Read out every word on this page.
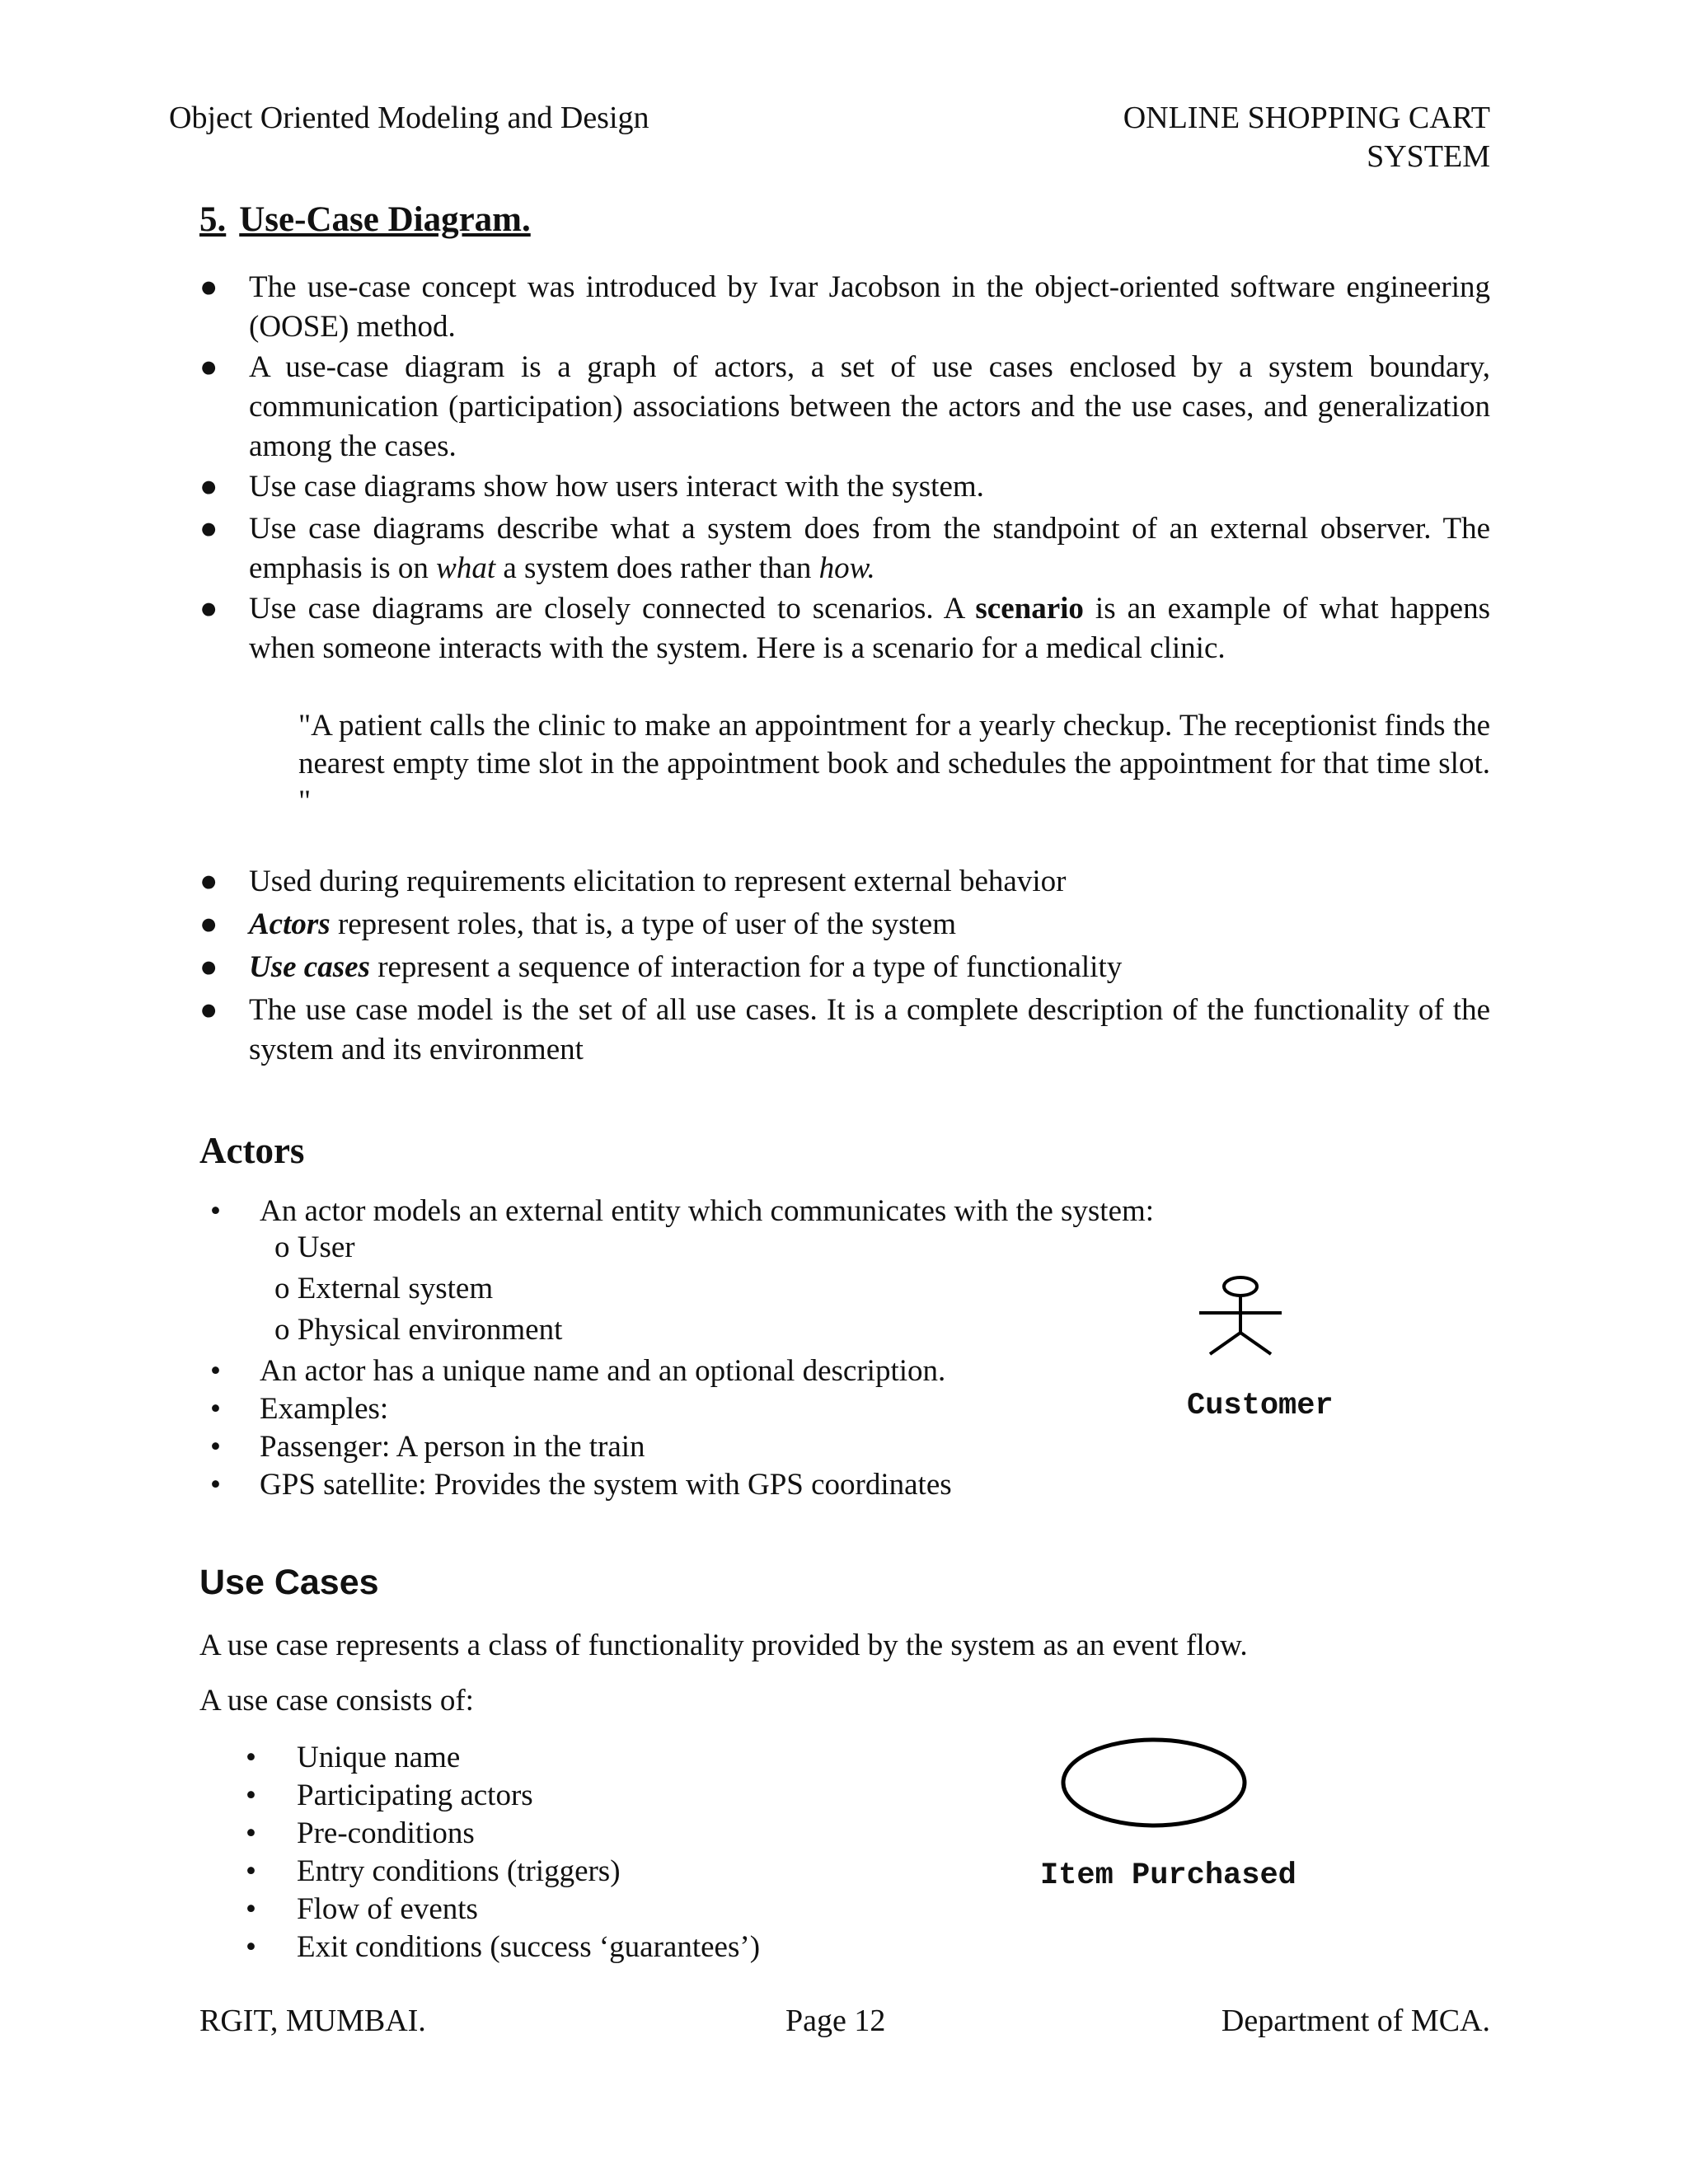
Object Oriented Modeling and Design	ONLINE SHOPPING CART
SYSTEM
5. Use-Case Diagram.
●	The use-case concept was introduced by Ivar Jacobson in the object-oriented software engineering (OOSE) method.
●	A use-case diagram is a graph of actors, a set of use cases enclosed by a system boundary, communication (participation) associations between the actors and the use cases, and generalization among the cases.
●	Use case diagrams show how users interact with the system.
●	Use case diagrams describe what a system does from the standpoint of an external observer. The emphasis is on what a system does rather than how.
●	Use case diagrams are closely connected to scenarios. A scenario is an example of what happens when someone interacts with the system. Here is a scenario for a medical clinic.
"A patient calls the clinic to make an appointment for a yearly checkup. The receptionist finds the nearest empty time slot in the appointment book and schedules the appointment for that time slot. "
●	Used during requirements elicitation to represent external behavior
●	Actors represent roles, that is, a type of user of the system
●	Use cases represent a sequence of interaction for a type of functionality
●	The use case model is the set of all use cases. It is a complete description of the functionality of the system and its environment
Actors
• An actor models an external entity which communicates with the system:
o User
o External system
o Physical environment
• An actor has a unique name and an optional description.
• Examples:
• Passenger: A person in the train
• GPS satellite: Provides the system with GPS coordinates
Customer
Use Cases
A use case represents a class of functionality provided by the system as an event flow.
A use case consists of:
• Unique name
• Participating actors
• Pre-conditions
• Entry conditions (triggers)
• Flow of events
• Exit conditions (success ‘guarantees’)
Item Purchased
RGIT, MUMBAI.	Page 12	Department of MCA.
